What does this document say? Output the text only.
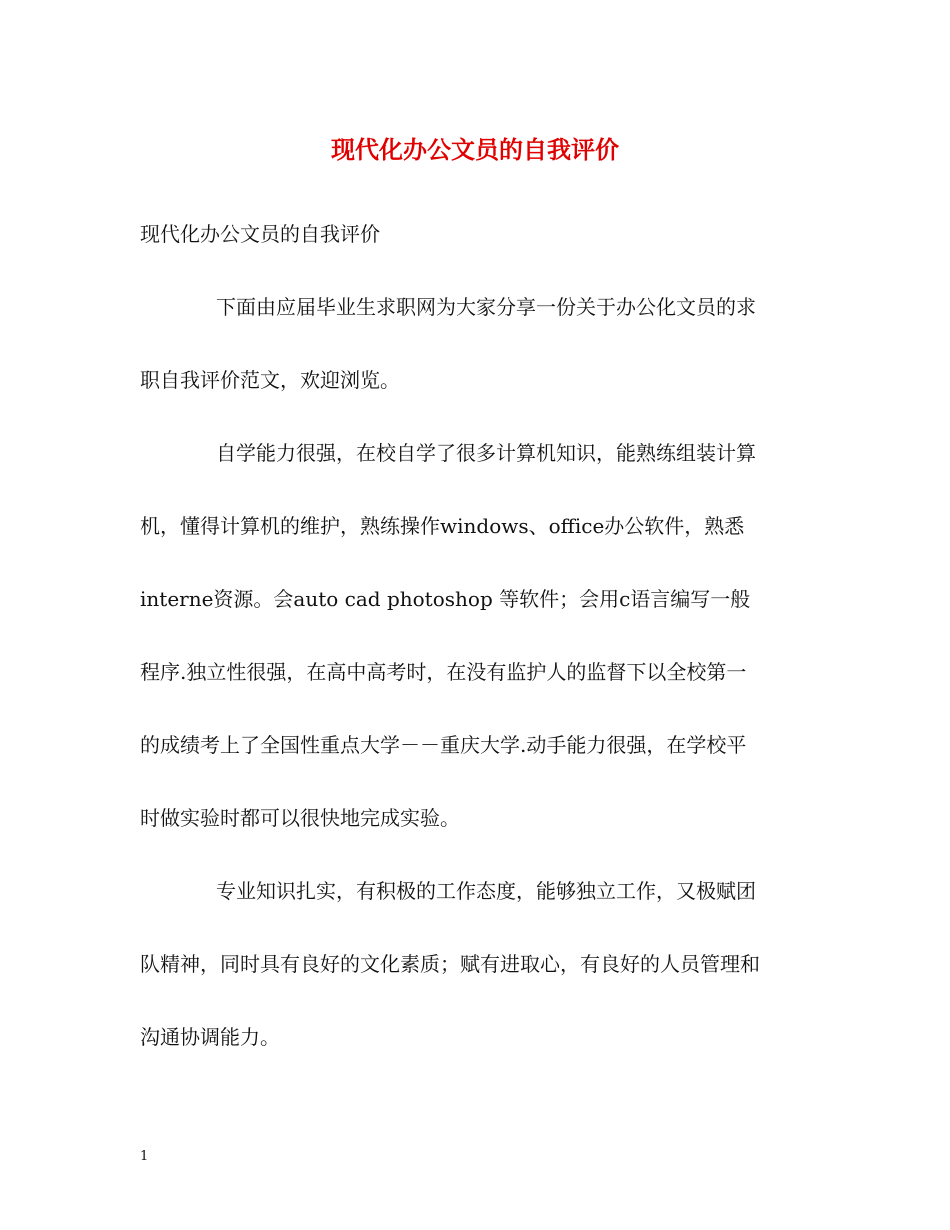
现代化办公文员的自我评价
现代化办公文员的自我评价
下面由应届毕业生求职网为大家分享一份关于办公化文员的求
职自我评价范文，欢迎浏览。
自学能力很强，在校自学了很多计算机知识，能熟练组装计算
机，懂得计算机的维护，熟练操作windows、office办公软件，熟悉
interne资源。会auto cad photoshop 等软件；会用c语言编写一般
程序.独立性很强，在高中高考时，在没有监护人的监督下以全校第一
的成绩考上了全国性重点大学－－重庆大学.动手能力很强，在学校平
时做实验时都可以很快地完成实验。
专业知识扎实，有积极的工作态度，能够独立工作，又极赋团
队精神，同时具有良好的文化素质；赋有进取心，有良好的人员管理和
沟通协调能力。
1
